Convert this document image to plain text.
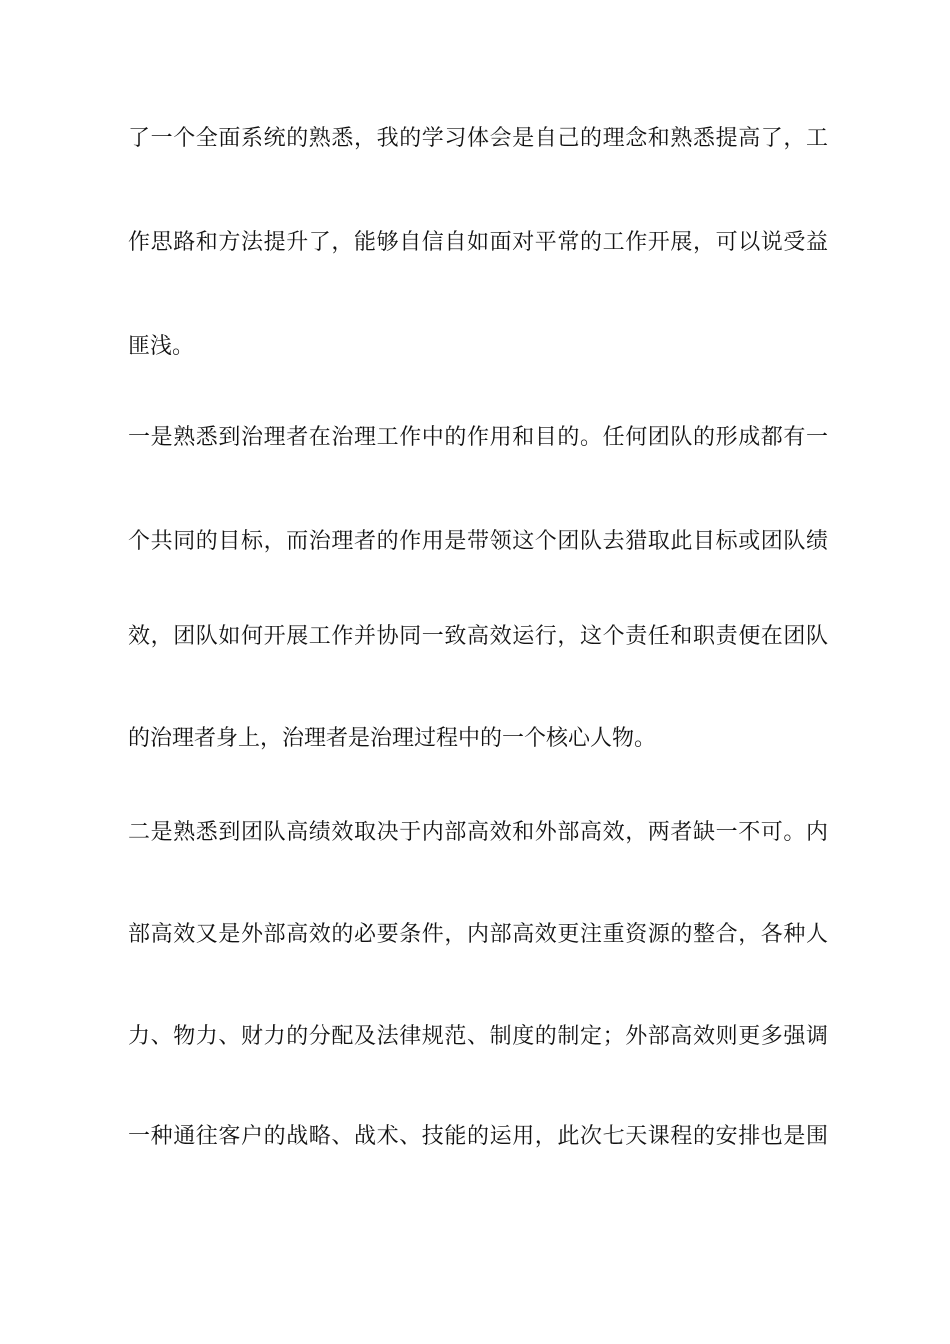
了一个全面系统的熟悉，我的学习体会是自己的理念和熟悉提高了，工
作思路和方法提升了，能够自信自如面对平常的工作开展，可以说受益
匪浅。
一是熟悉到治理者在治理工作中的作用和目的。任何团队的形成都有一
个共同的目标，而治理者的作用是带领这个团队去猎取此目标或团队绩
效，团队如何开展工作并协同一致高效运行，这个责任和职责便在团队
的治理者身上，治理者是治理过程中的一个核心人物。
二是熟悉到团队高绩效取决于内部高效和外部高效，两者缺一不可。内
部高效又是外部高效的必要条件，内部高效更注重资源的整合，各种人
力、物力、财力的分配及法律规范、制度的制定；外部高效则更多强调
一种通往客户的战略、战术、技能的运用，此次七天课程的安排也是围
